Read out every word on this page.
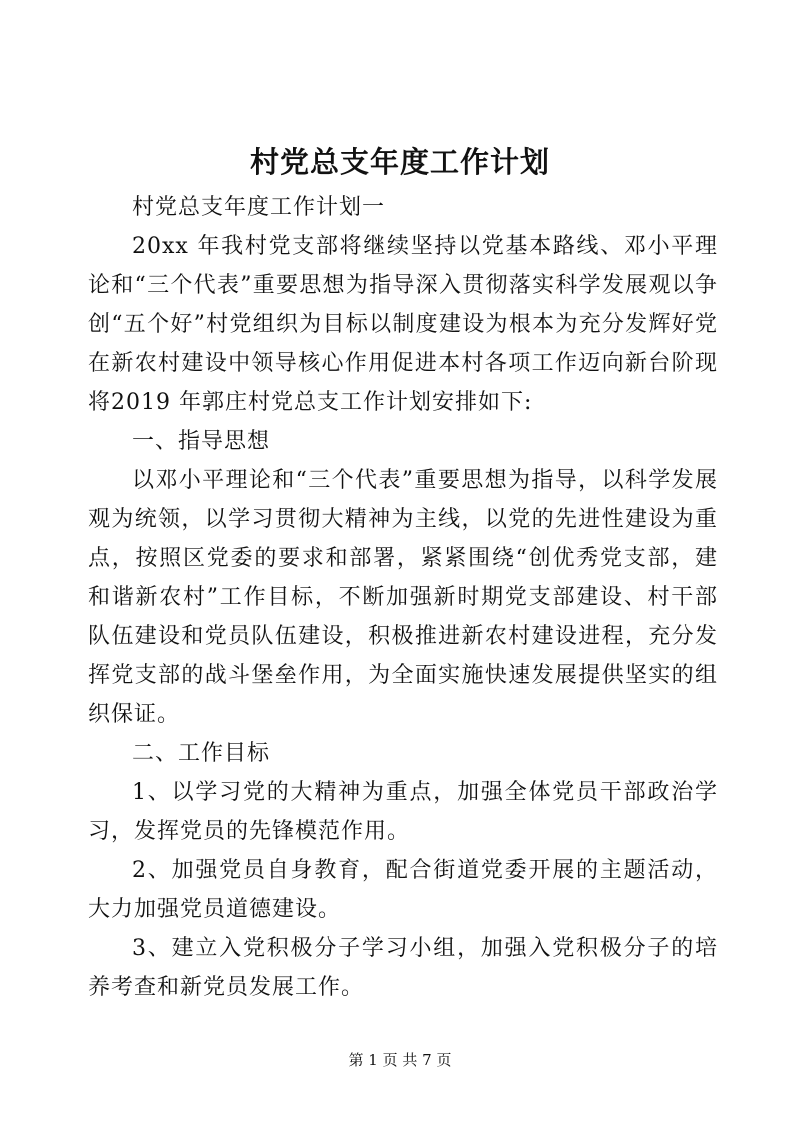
村党总支年度工作计划

村党总支年度工作计划一

20xx 年我村党支部将继续坚持以党基本路线、邓小平理论和“三个代表”重要思想为指导深入贯彻落实科学发展观以争创“五个好”村党组织为目标以制度建设为根本为充分发辉好党在新农村建设中领导核心作用促进本村各项工作迈向新台阶现将2019 年郭庄村党总支工作计划安排如下:

一、指导思想

以邓小平理论和“三个代表”重要思想为指导，以科学发展观为统领，以学习贯彻大精神为主线，以党的先进性建设为重点，按照区党委的要求和部署，紧紧围绕“创优秀党支部，建和谐新农村”工作目标，不断加强新时期党支部建设、村干部队伍建设和党员队伍建设，积极推进新农村建设进程，充分发挥党支部的战斗堡垒作用，为全面实施快速发展提供坚实的组织保证。

二、工作目标

1、以学习党的大精神为重点，加强全体党员干部政治学习，发挥党员的先锋模范作用。

2、加强党员自身教育，配合街道党委开展的主题活动，大力加强党员道德建设。

3、建立入党积极分子学习小组，加强入党积极分子的培养考查和新党员发展工作。

第 1 页 共 7 页
